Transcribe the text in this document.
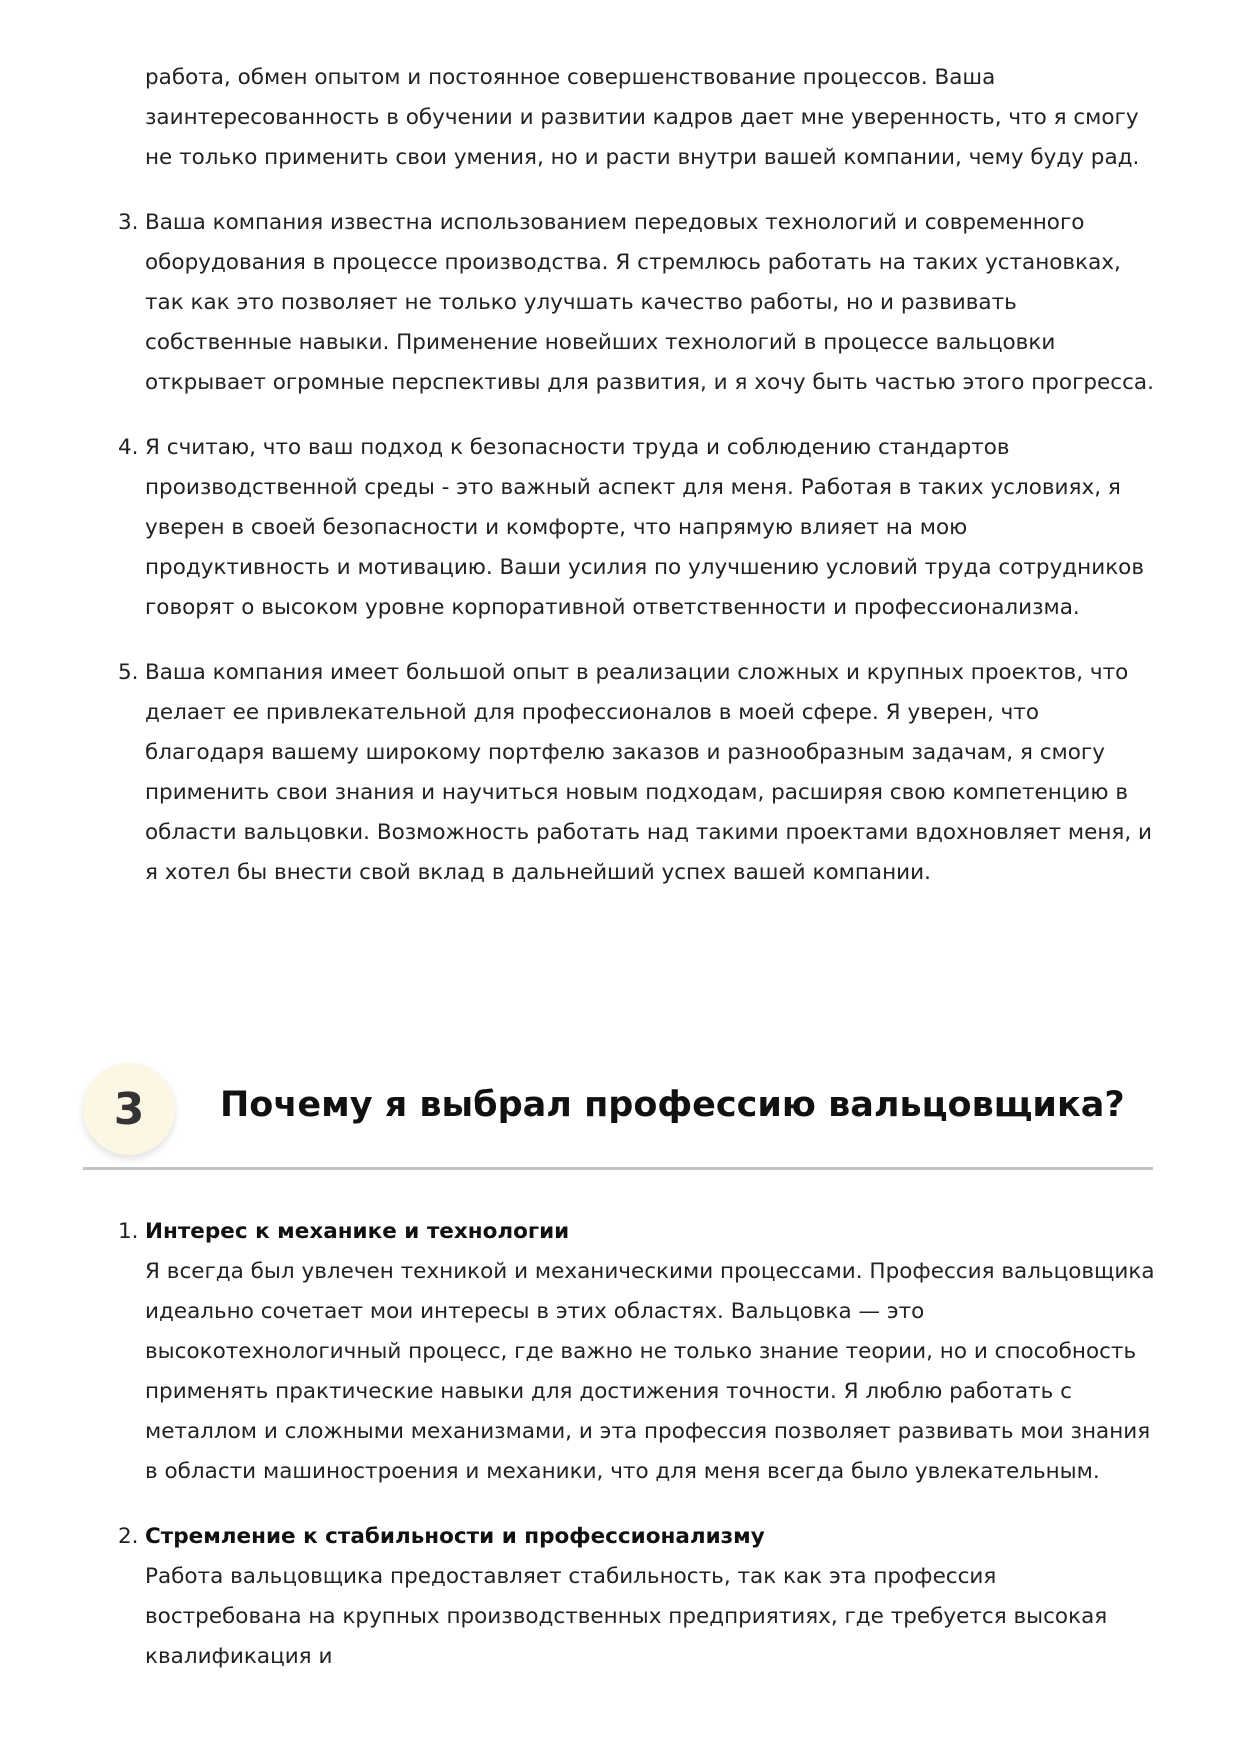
работа, обмен опытом и постоянное совершенствование процессов. Ваша заинтересованность в обучении и развитии кадров дает мне уверенность, что я смогу не только применить свои умения, но и расти внутри вашей компании, чему буду рад.
3. Ваша компания известна использованием передовых технологий и современного оборудования в процессе производства. Я стремлюсь работать на таких установках, так как это позволяет не только улучшать качество работы, но и развивать собственные навыки. Применение новейших технологий в процессе вальцовки открывает огромные перспективы для развития, и я хочу быть частью этого прогресса.
4. Я считаю, что ваш подход к безопасности труда и соблюдению стандартов производственной среды - это важный аспект для меня. Работая в таких условиях, я уверен в своей безопасности и комфорте, что напрямую влияет на мою продуктивность и мотивацию. Ваши усилия по улучшению условий труда сотрудников говорят о высоком уровне корпоративной ответственности и профессионализма.
5. Ваша компания имеет большой опыт в реализации сложных и крупных проектов, что делает ее привлекательной для профессионалов в моей сфере. Я уверен, что благодаря вашему широкому портфелю заказов и разнообразным задачам, я смогу применить свои знания и научиться новым подходам, расширяя свою компетенцию в области вальцовки. Возможность работать над такими проектами вдохновляет меня, и я хотел бы внести свой вклад в дальнейший успех вашей компании.
3	Почему я выбрал профессию вальцовщика?
1. Интерес к механике и технологии
Я всегда был увлечен техникой и механическими процессами. Профессия вальцовщика идеально сочетает мои интересы в этих областях. Вальцовка — это высокотехнологичный процесс, где важно не только знание теории, но и способность применять практические навыки для достижения точности. Я люблю работать с металлом и сложными механизмами, и эта профессия позволяет развивать мои знания в области машиностроения и механики, что для меня всегда было увлекательным.
2. Стремление к стабильности и профессионализму
Работа вальцовщика предоставляет стабильность, так как эта профессия востребована на крупных производственных предприятиях, где требуется высокая квалификация и
